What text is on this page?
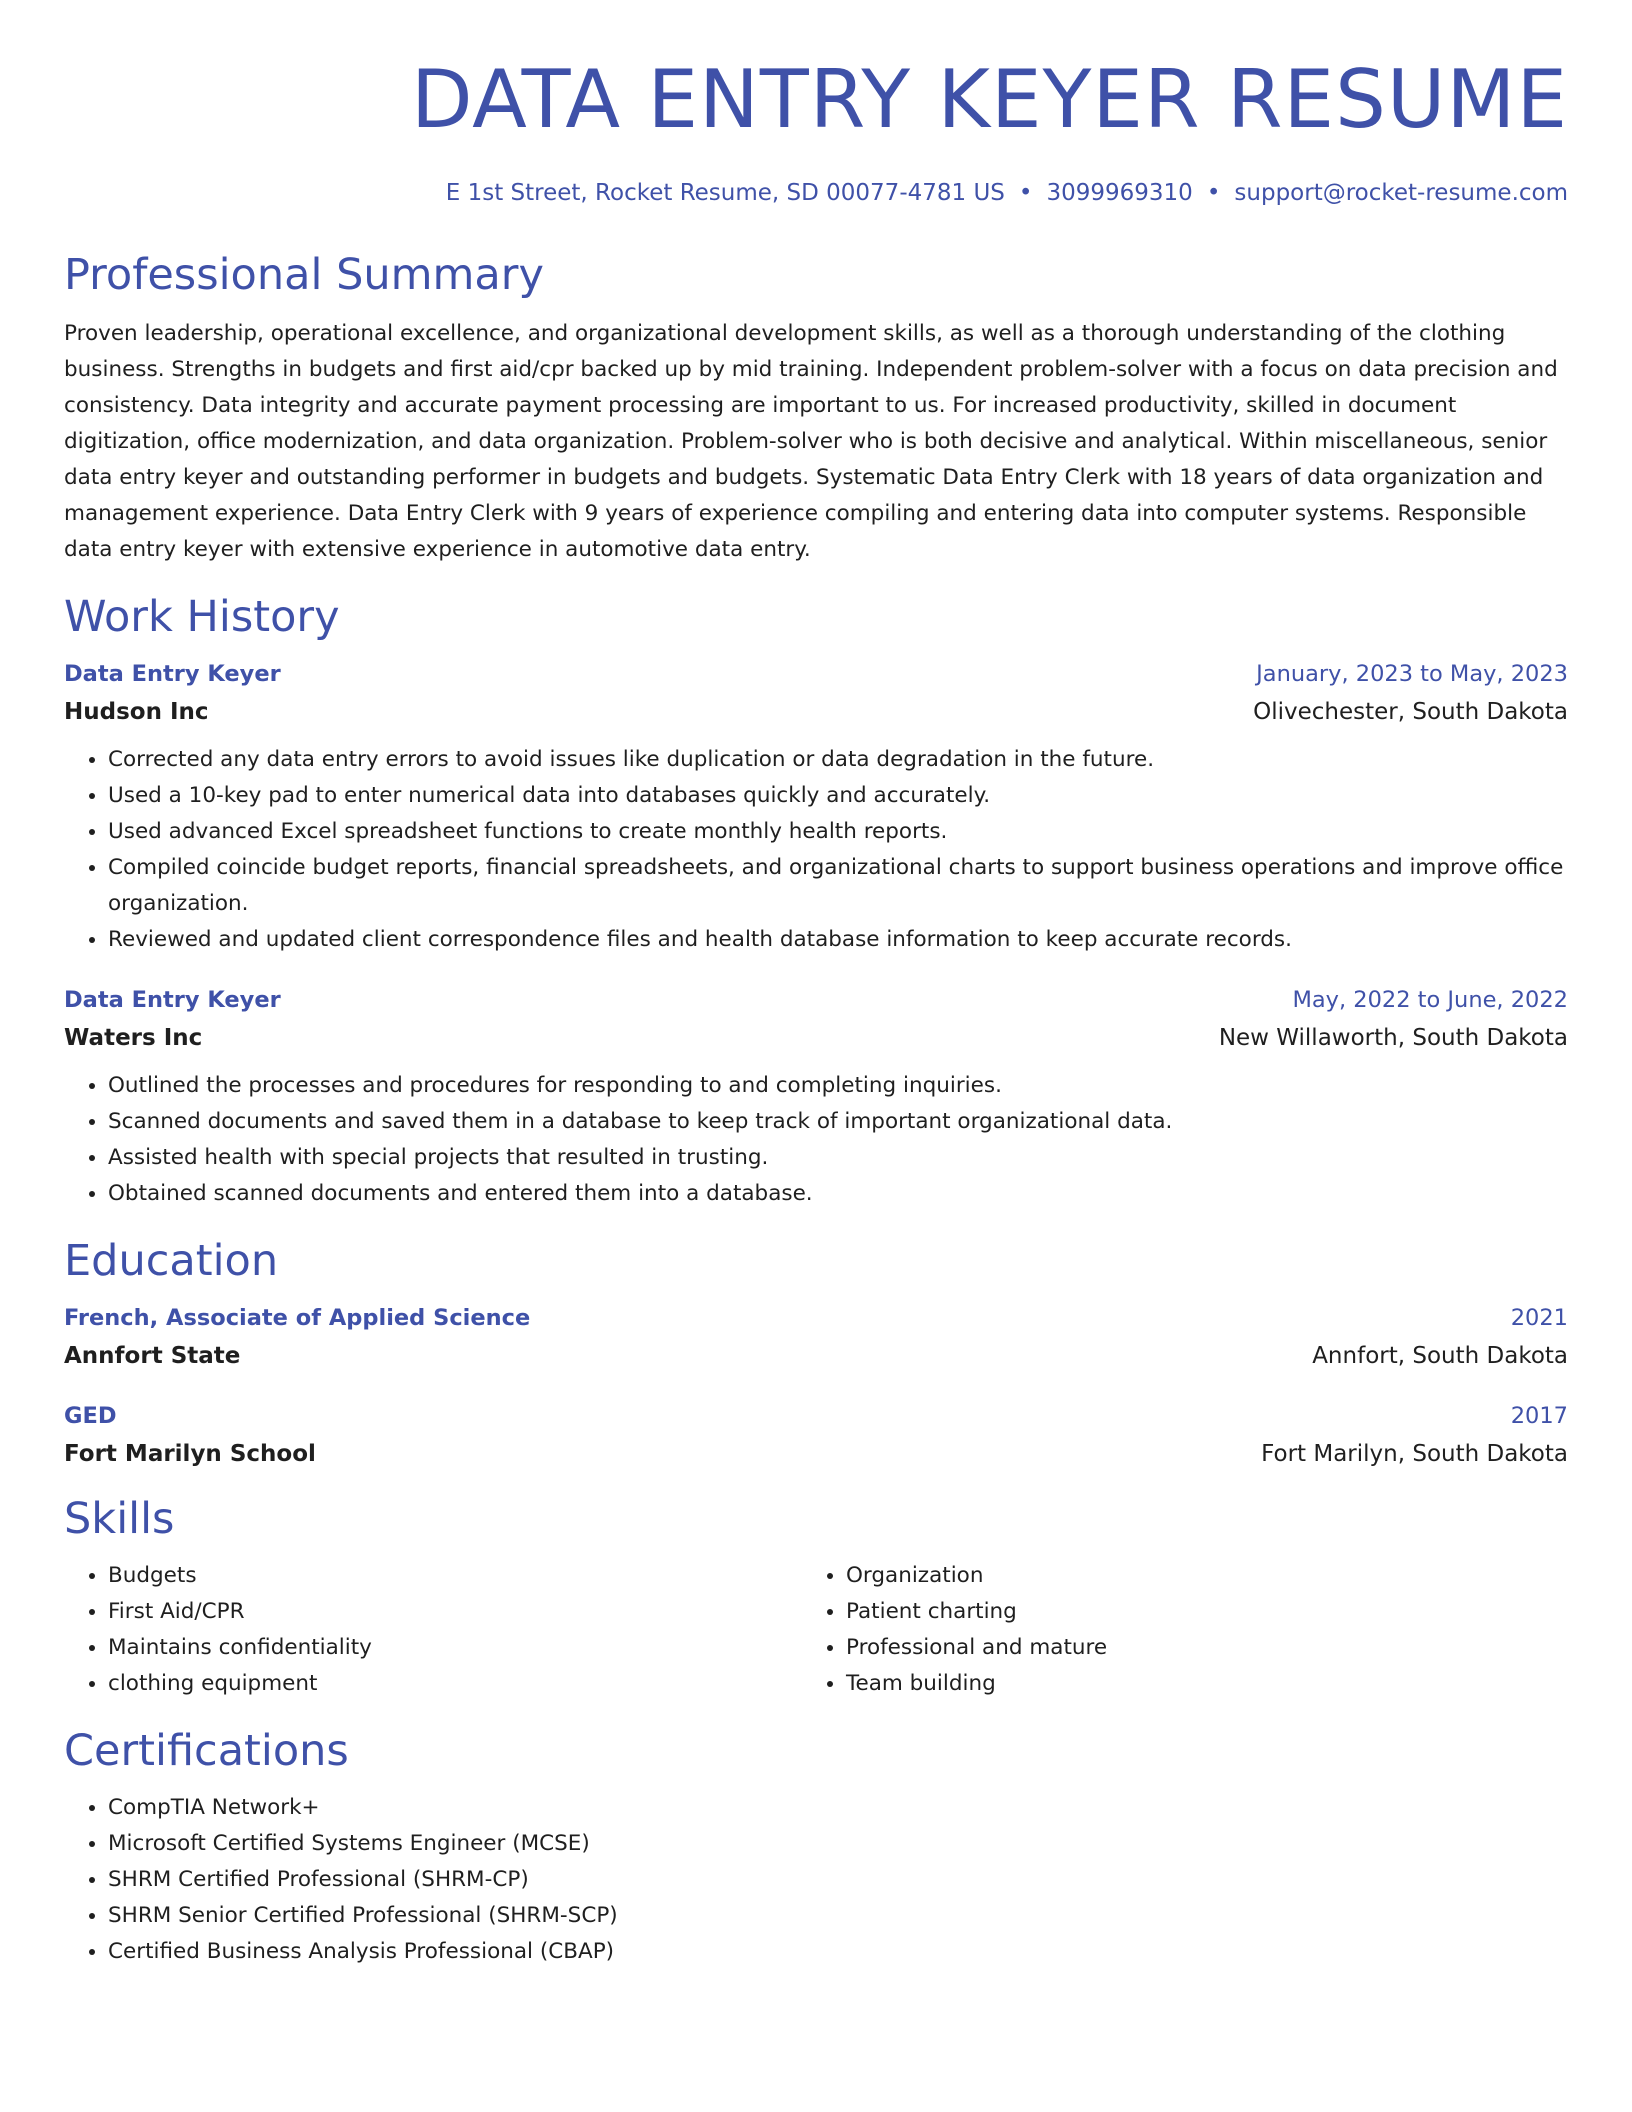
DATA ENTRY KEYER RESUME
E 1st Street, Rocket Resume, SD 00077-4781 US • 3099969310 • support@rocket-resume.com
Professional Summary

Proven leadership, operational excellence, and organizational development skills, as well as a thorough understanding of the clothing business. Strengths in budgets and first aid/cpr backed up by mid training. Independent problem-solver with a focus on data precision and consistency. Data integrity and accurate payment processing are important to us. For increased productivity, skilled in document digitization, office modernization, and data organization. Problem-solver who is both decisive and analytical. Within miscellaneous, senior data entry keyer and outstanding performer in budgets and budgets. Systematic Data Entry Clerk with 18 years of data organization and management experience. Data Entry Clerk with 9 years of experience compiling and entering data into computer systems. Responsible data entry keyer with extensive experience in automotive data entry.

Work History
Data Entry Keyer	January, 2023 to May, 2023
Hudson Inc	Olivechester, South Dakota
• Corrected any data entry errors to avoid issues like duplication or data degradation in the future.
• Used a 10-key pad to enter numerical data into databases quickly and accurately.
• Used advanced Excel spreadsheet functions to create monthly health reports.
• Compiled coincide budget reports, financial spreadsheets, and organizational charts to support business operations and improve office organization.
• Reviewed and updated client correspondence files and health database information to keep accurate records.
Data Entry Keyer	May, 2022 to June, 2022
Waters Inc	New Willaworth, South Dakota
• Outlined the processes and procedures for responding to and completing inquiries.
• Scanned documents and saved them in a database to keep track of important organizational data.
• Assisted health with special projects that resulted in trusting.
• Obtained scanned documents and entered them into a database.
Education
French, Associate of Applied Science	2021
Annfort State	Annfort, South Dakota
GED	2017
Fort Marilyn School	Fort Marilyn, South Dakota
Skills
• Budgets
• First Aid/CPR
• Maintains confidentiality
• clothing equipment
• Organization
• Patient charting
• Professional and mature
• Team building
Certifications
• CompTIA Network+
• Microsoft Certified Systems Engineer (MCSE)
• SHRM Certified Professional (SHRM-CP)
• SHRM Senior Certified Professional (SHRM-SCP)
• Certified Business Analysis Professional (CBAP)
